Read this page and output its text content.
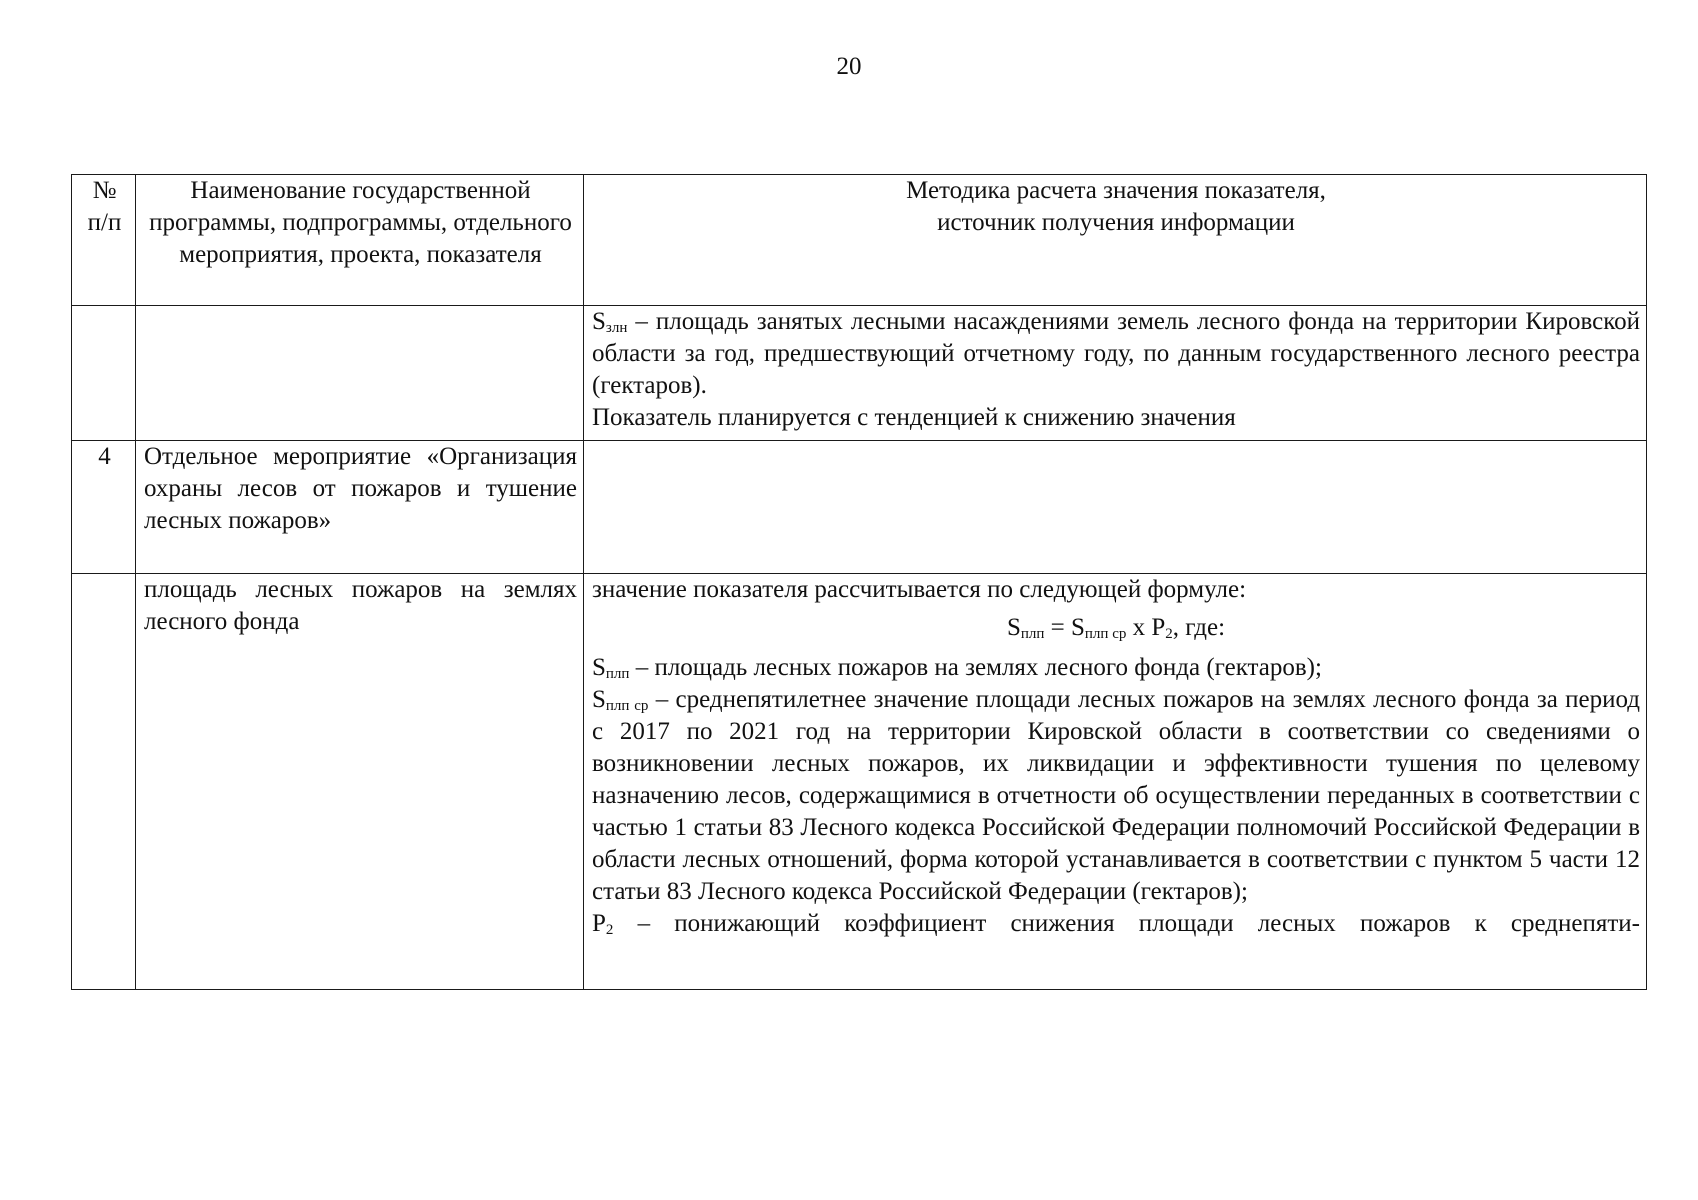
20
№ п/п	Наименование государственной программы, подпрограммы, отдельного мероприятия, проекта, показателя	Методика расчета значения показателя,
источник получения информации

		$S_{злн}$ – площадь занятых лесными насаждениями земель лесного фонда на территории Кировской области за год, предшествующий отчетному году, по данным государственного лесного реестра (гектаров).
Показатель планируется с тенденцией к снижению значения

4	Отдельное мероприятие «Организация охраны лесов от пожаров и тушение лесных пожаров»	
	площадь лесных пожаров на землях лесного фонда	значение показателя рассчитывается по следующей формуле:
$S_{плп} = S_{плп ср}$ x $P_2$, где:
$S_{плп}$ – площадь лесных пожаров на землях лесного фонда (гектаров);
$S_{плп ср}$ – среднепятилетнее значение площади лесных пожаров на землях лесного фонда за период с 2017 по 2021 год на территории Кировской области в соответствии со сведениями о возникновении лесных пожаров, их ликвидации и эффективности тушения по целевому назначению лесов, содержащимися в отчетности об осуществлении переданных в соответствии с частью 1 статьи 83 Лесного кодекса Российской Федерации полномочий Российской Федерации в области лесных отношений, форма которой устанавливается в соответствии с пунктом 5 части 12 статьи 83 Лесного кодекса Российской Федерации (гектаров);
$P_2$ – понижающий коэффициент снижения площади лесных пожаров к среднепяти-
